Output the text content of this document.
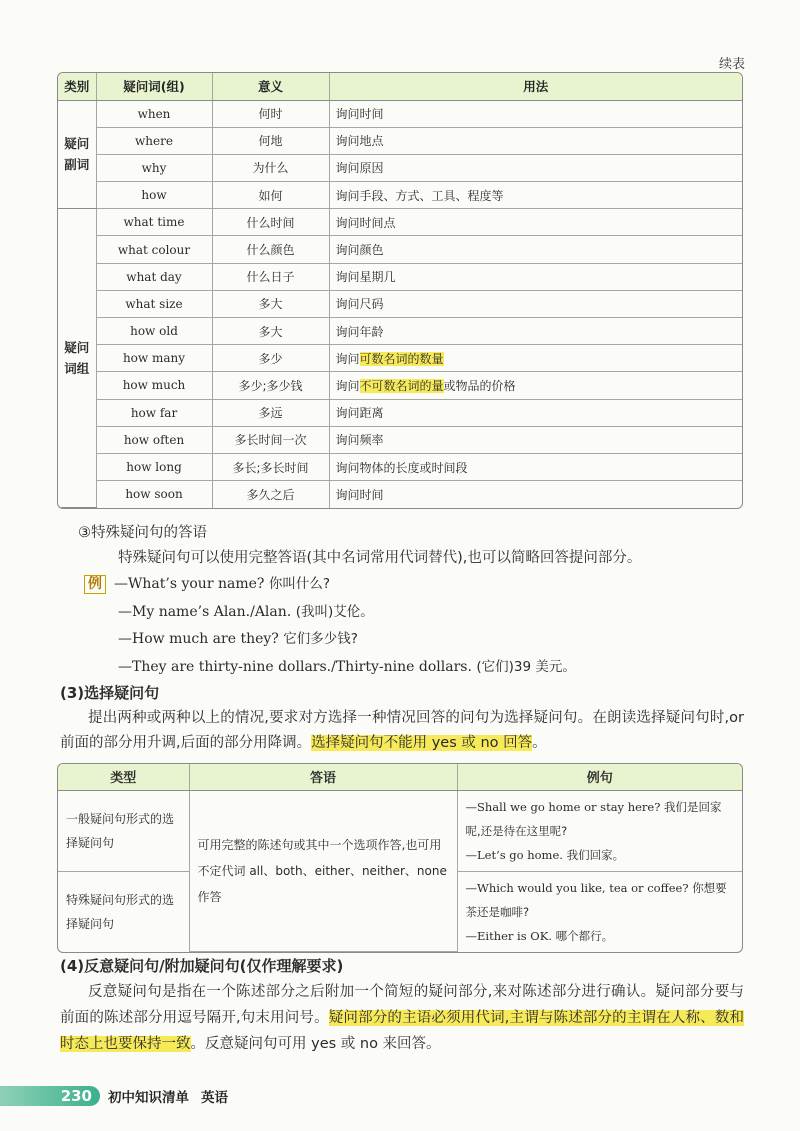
续表
类别	疑问词(组)	意义	用法
疑问副词	when	何时	询问时间
	where	何地	询问地点
	why	为什么	询问原因
	how	如何	询问手段、方式、工具、程度等
疑问词组	what time	什么时间	询问时间点
	what colour	什么颜色	询问颜色
	what day	什么日子	询问星期几
	what size	多大	询问尺码
	how old	多大	询问年龄
	how many	多少	询问可数名词的数量
	how much	多少;多少钱	询问不可数名词的量或物品的价格
	how far	多远	询问距离
	how often	多长时间一次	询问频率
	how long	多长;多长时间	询问物体的长度或时间段
	how soon	多久之后	询问时间
③特殊疑问句的答语
特殊疑问句可以使用完整答语(其中名词常用代词替代),也可以简略回答提问部分。
例 —What’s your name? 你叫什么?
—My name’s Alan./Alan. (我叫)艾伦。
—How much are they? 它们多少钱?
—They are thirty-nine dollars./Thirty-nine dollars. (它们)39 美元。
(3)选择疑问句
提出两种或两种以上的情况,要求对方选择一种情况回答的问句为选择疑问句。在朗读选择疑问句时,or 前面的部分用升调,后面的部分用降调。选择疑问句不能用 yes 或 no 回答。
类型	答语	例句
一般疑问句形式的选择疑问句	可用完整的陈述句或其中一个选项作答,也可用不定代词 all、both、either、neither、none 作答	—Shall we go home or stay here? 我们是回家呢,还是待在这里呢?
—Let’s go home. 我们回家。
特殊疑问句形式的选择疑问句		—Which would you like, tea or coffee? 你想要茶还是咖啡?
—Either is OK. 哪个都行。
(4)反意疑问句/附加疑问句(仅作理解要求)
反意疑问句是指在一个陈述部分之后附加一个简短的疑问部分,来对陈述部分进行确认。疑问部分要与前面的陈述部分用逗号隔开,句末用问号。疑问部分的主语必须用代词,主谓与陈述部分的主谓在人称、数和时态上也要保持一致。反意疑问句可用 yes 或 no 来回答。
230 初中知识清单 英语
